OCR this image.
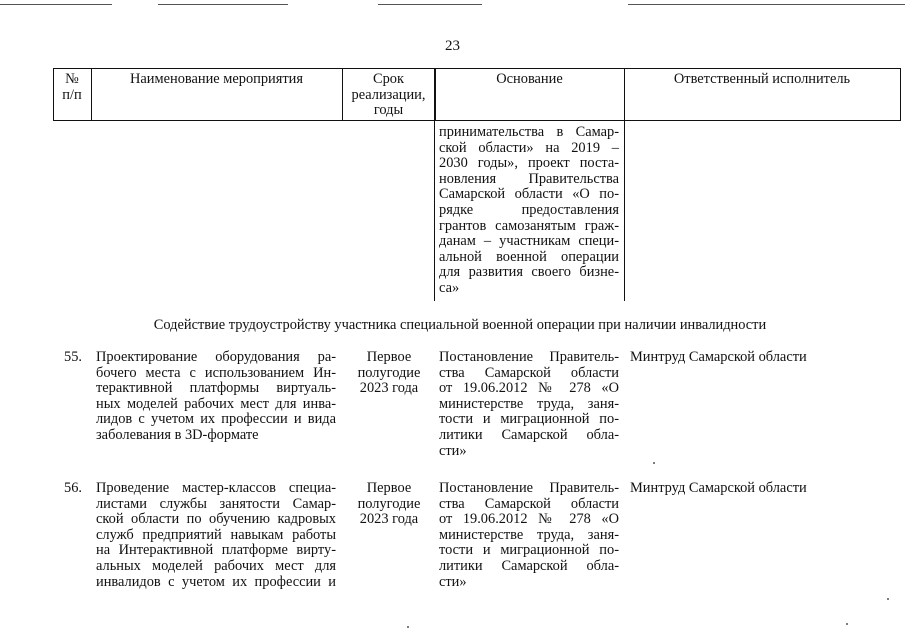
23
№
п/п
Наименование мероприятия	Срок
реализации,
годы
Основание	Ответственный исполнитель
принимательства в Самар-
ской области» на 2019 –
2030 годы», проект поста-
новления Правительства
Самарской области «О по-
рядке предоставления
грантов самозанятым граж-
данам – участникам специ-
альной военной операции
для развития своего бизне-
са»
Содействие трудоустройству участника специальной военной операции при наличии инвалидности
55. Проектирование оборудования ра-
бочего места с использованием Ин-
терактивной платформы виртуаль-
ных моделей рабочих мест для инва-
лидов с учетом их профессии и вида
заболевания в 3D-формате
Первое
полугодие
2023 года
Постановление Правитель-
ства Самарской области
от 19.06.2012 № 278 «О
министерстве труда, заня-
тости и миграционной по-
литики Самарской обла-
сти»
Минтруд Самарской области
56. Проведение мастер-классов специа-
листами службы занятости Самар-
ской области по обучению кадровых
служб предприятий навыкам работы
на Интерактивной платформе вирту-
альных моделей рабочих мест для
инвалидов с учетом их профессии и
Первое
полугодие
2023 года
Постановление Правитель-
ства Самарской области
от 19.06.2012 № 278 «О
министерстве труда, заня-
тости и миграционной по-
литики Самарской обла-
сти»
Минтруд Самарской области
